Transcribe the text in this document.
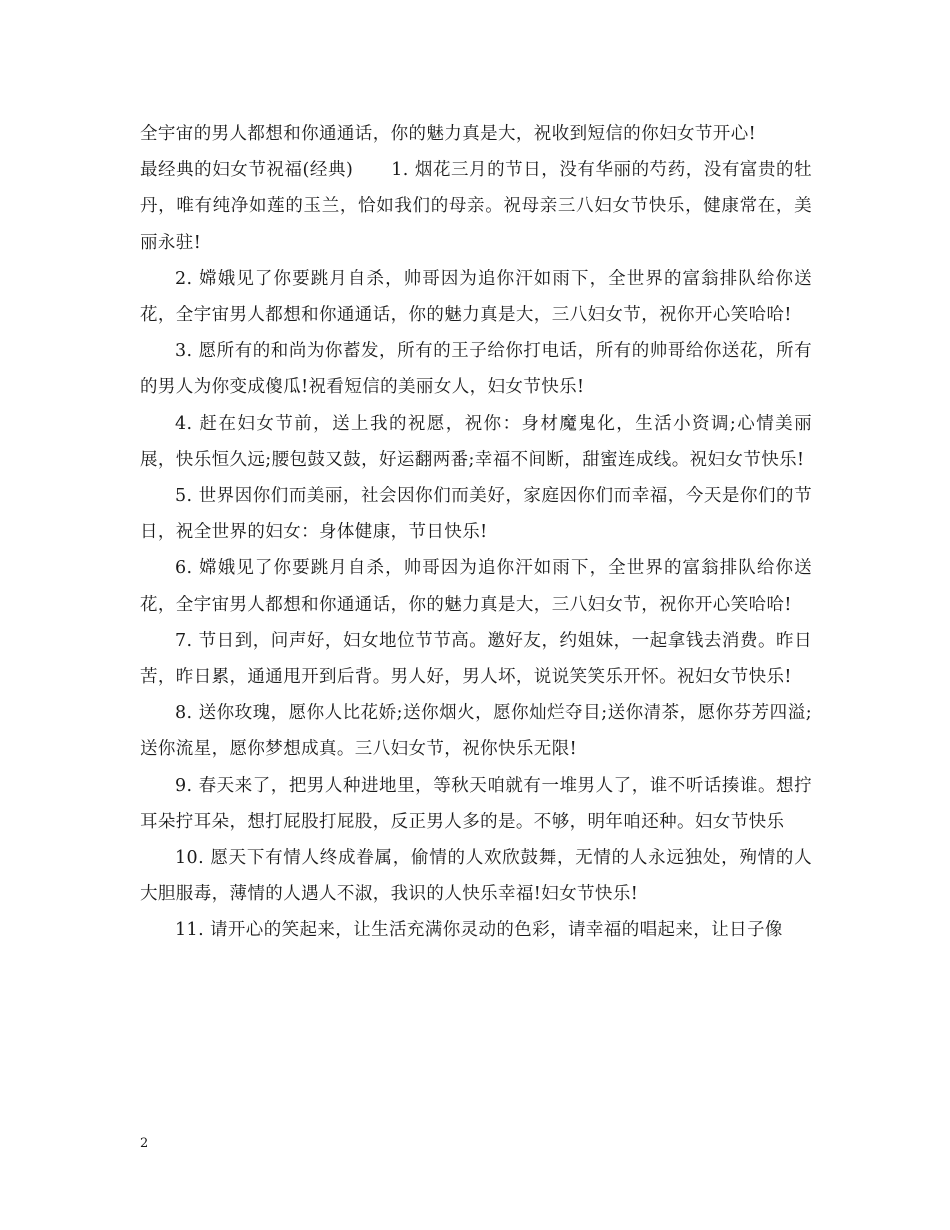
全宇宙的男人都想和你通通话，你的魅力真是大，祝收到短信的你妇女节开心!

最经典的妇女节祝福(经典) 1. 烟花三月的节日，没有华丽的芍药，没有富贵的牡丹，唯有纯净如莲的玉兰，恰如我们的母亲。祝母亲三八妇女节快乐，健康常在，美丽永驻!

2. 嫦娥见了你要跳月自杀，帅哥因为追你汗如雨下，全世界的富翁排队给你送花，全宇宙男人都想和你通通话，你的魅力真是大，三八妇女节，祝你开心笑哈哈!

3. 愿所有的和尚为你蓄发，所有的王子给你打电话，所有的帅哥给你送花，所有的男人为你变成傻瓜!祝看短信的美丽女人，妇女节快乐!

4. 赶在妇女节前，送上我的祝愿，祝你：身材魔鬼化，生活小资调;心情美丽展，快乐恒久远;腰包鼓又鼓，好运翻两番;幸福不间断，甜蜜连成线。祝妇女节快乐!

5. 世界因你们而美丽，社会因你们而美好，家庭因你们而幸福，今天是你们的节日，祝全世界的妇女：身体健康，节日快乐!

6. 嫦娥见了你要跳月自杀，帅哥因为追你汗如雨下，全世界的富翁排队给你送花，全宇宙男人都想和你通通话，你的魅力真是大，三八妇女节，祝你开心笑哈哈!

7. 节日到，问声好，妇女地位节节高。邀好友，约姐妹，一起拿钱去消费。昨日苦，昨日累，通通甩开到后背。男人好，男人坏，说说笑笑乐开怀。祝妇女节快乐!

8. 送你玫瑰，愿你人比花娇;送你烟火，愿你灿烂夺目;送你清茶，愿你芬芳四溢;送你流星，愿你梦想成真。三八妇女节，祝你快乐无限!

9. 春天来了，把男人种进地里，等秋天咱就有一堆男人了，谁不听话揍谁。想拧耳朵拧耳朵，想打屁股打屁股，反正男人多的是。不够，明年咱还种。妇女节快乐

10. 愿天下有情人终成眷属，偷情的人欢欣鼓舞，无情的人永远独处，殉情的人大胆服毒，薄情的人遇人不淑，我识的人快乐幸福!妇女节快乐!

11. 请开心的笑起来，让生活充满你灵动的色彩，请幸福的唱起来，让日子像

2
